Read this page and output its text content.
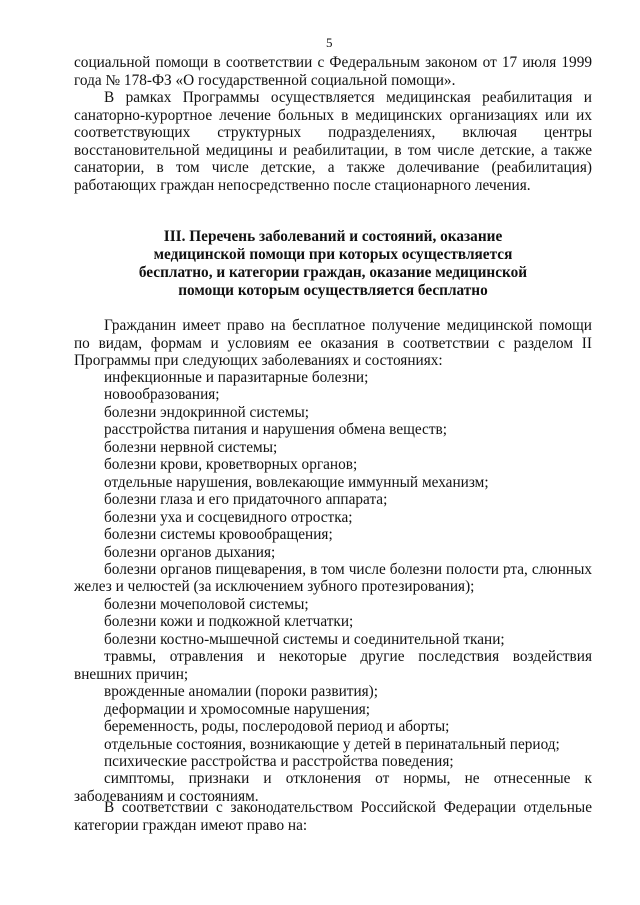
5

социальной помощи в соответствии с Федеральным законом от 17 июля 1999 года № 178-ФЗ «О государственной социальной помощи».

В рамках Программы осуществляется медицинская реабилитация и санаторно-курортное лечение больных в медицинских организациях или их соответствующих структурных подразделениях, включая центры восстановительной медицины и реабилитации, в том числе детские, а также санатории, в том числе детские, а также долечивание (реабилитация) работающих граждан непосредственно после стационарного лечения.

III. Перечень заболеваний и состояний, оказание
медицинской помощи при которых осуществляется
бесплатно, и категории граждан, оказание медицинской
помощи которым осуществляется бесплатно

Гражданин имеет право на бесплатное получение медицинской помощи по видам, формам и условиям ее оказания в соответствии с разделом II Программы при следующих заболеваниях и состояниях:

инфекционные и паразитарные болезни;
новообразования;
болезни эндокринной системы;
расстройства питания и нарушения обмена веществ;
болезни нервной системы;
болезни крови, кроветворных органов;
отдельные нарушения, вовлекающие иммунный механизм;
болезни глаза и его придаточного аппарата;
болезни уха и сосцевидного отростка;
болезни системы кровообращения;
болезни органов дыхания;
болезни органов пищеварения, в том числе болезни полости рта, слюнных желез и челюстей (за исключением зубного протезирования);
болезни мочеполовой системы;
болезни кожи и подкожной клетчатки;
болезни костно-мышечной системы и соединительной ткани;
травмы, отравления и некоторые другие последствия воздействия внешних причин;
врожденные аномалии (пороки развития);
деформации и хромосомные нарушения;
беременность, роды, послеродовой период и аборты;
отдельные состояния, возникающие у детей в перинатальный период;
психические расстройства и расстройства поведения;
симптомы, признаки и отклонения от нормы, не отнесенные к заболеваниям и состояниям.

В соответствии с законодательством Российской Федерации отдельные категории граждан имеют право на:
